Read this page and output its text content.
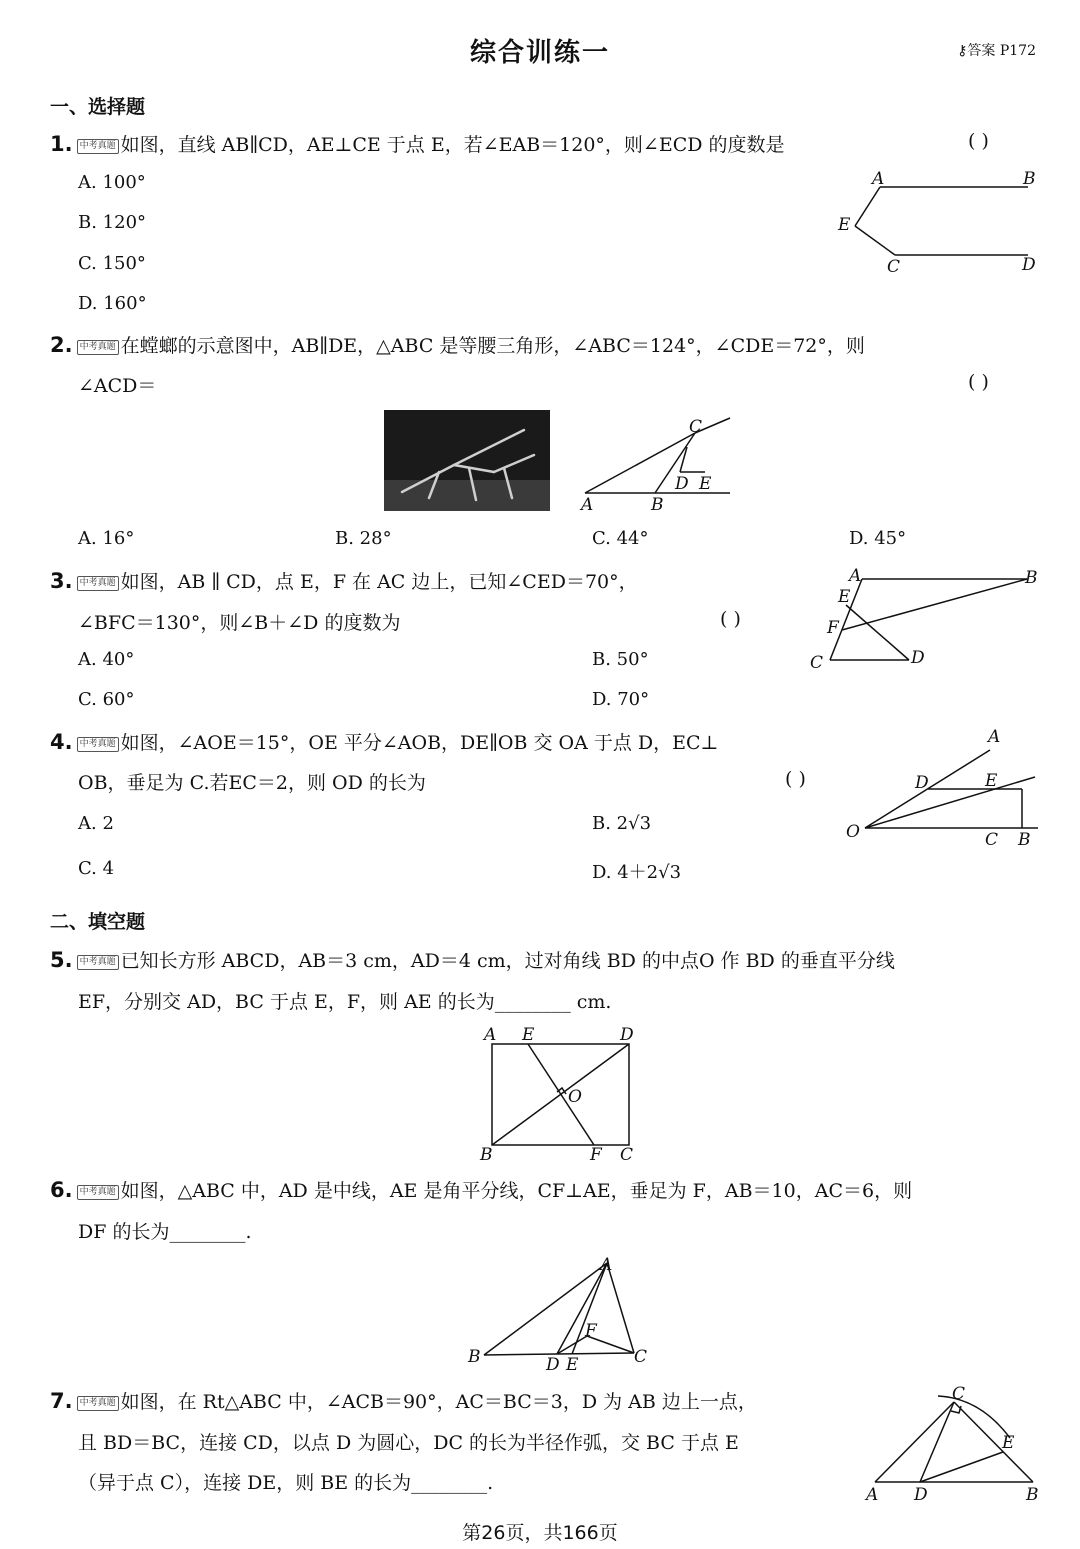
综合训练一	⚷答案 P172
一、选择题
1. 中考真题 如图，直线 AB∥CD，AE⊥CE 于点 E，若∠EAB＝120°，则∠ECD 的度数是	( )
A. 100°
B. 120°
C. 150°
D. 160°
A	B
E
C	D
2. 中考真题 在螳螂的示意图中，AB∥DE，△ABC 是等腰三角形，∠ABC＝124°，∠CDE＝72°，则
∠ACD＝	( )
C
D E
A	B
A. 16°	B. 28°	C. 44°	D. 45°
3. 中考真题 如图，AB ∥ CD，点 E，F 在 AC 边上，已知∠CED＝70°，
∠BFC＝130°，则∠B＋∠D 的度数为	( )
A. 40°	B. 50°
C. 60°	D. 70°
A	B
E
F
C	D
4. 中考真题 如图，∠AOE＝15°，OE 平分∠AOB，DE∥OB 交 OA 于点 D，EC⊥
OB，垂足为 C.若EC＝2，则 OD 的长为	( )
A. 2	B. 2√3
C. 4	D. 4＋2√3
A
D	E
O	C B
二、填空题
5. 中考真题 已知长方形 ABCD，AB＝3 cm，AD＝4 cm，过对角线 BD 的中点O 作 BD 的垂直平分线
EF，分别交 AD，BC 于点 E，F，则 AE 的长为________ cm.
A E	D
O
B	F C
6. 中考真题 如图，△ABC 中，AD 是中线，AE 是角平分线，CF⊥AE，垂足为 F，AB＝10，AC＝6，则
DF 的长为________.
A
F
B	D E	C
7. 中考真题 如图，在 Rt△ABC 中，∠ACB＝90°，AC＝BC＝3，D 为 AB 边上一点，
且 BD＝BC，连接 CD，以点 D 为圆心，DC 的长为半径作弧，交 BC 于点 E
（异于点 C），连接 DE，则 BE 的长为________.
C
E
A D	B
第26页，共166页
